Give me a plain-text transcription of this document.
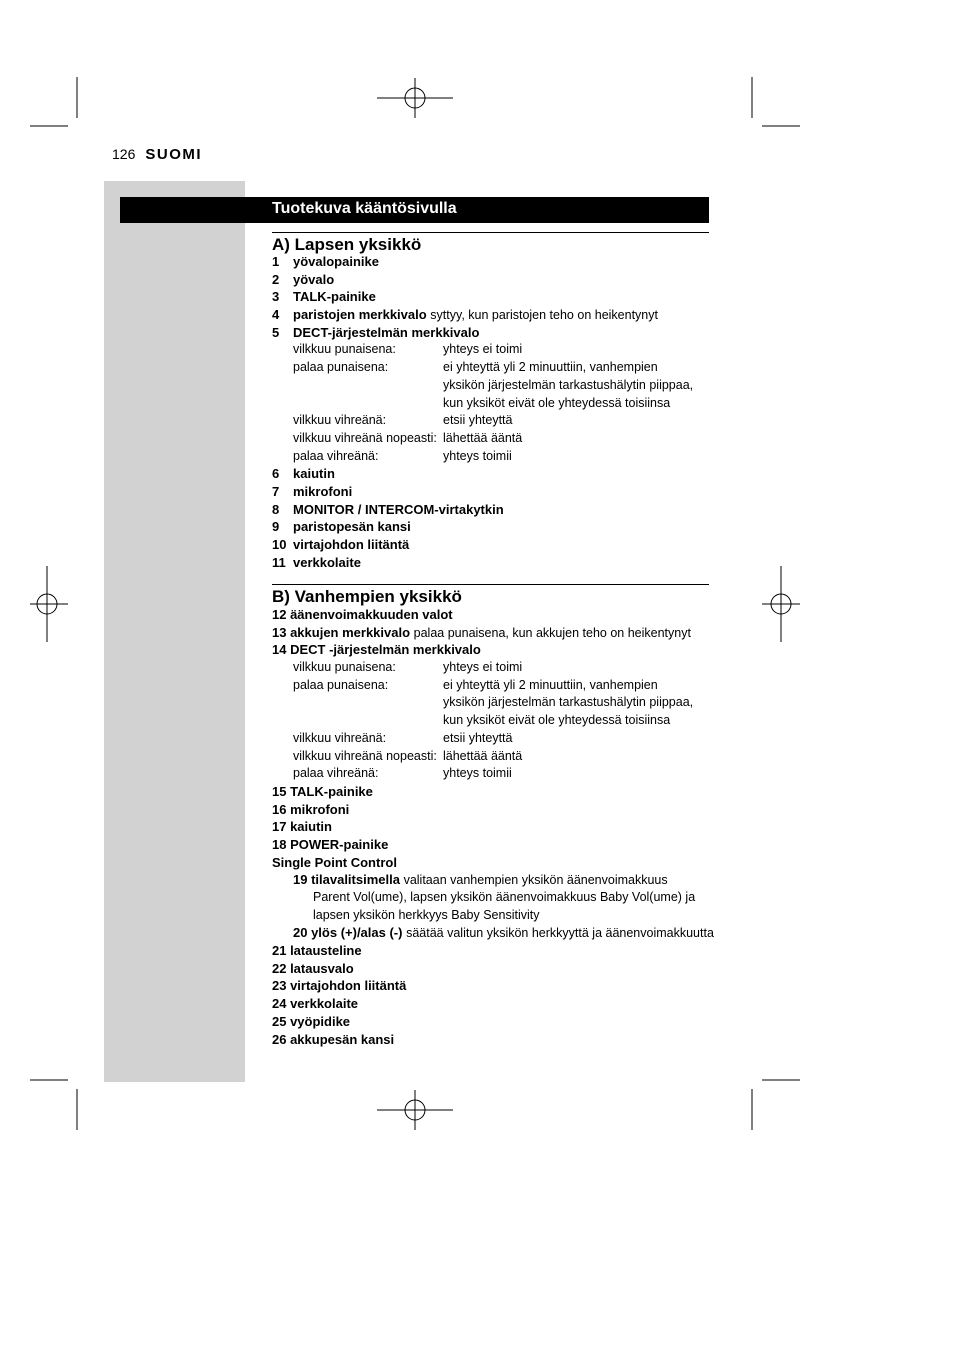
126 SUOMI
Tuotekuva kääntösivulla
A) Lapsen yksikkö
1 yövalopainike
2 yövalo
3 TALK-painike
4 paristojen merkkivalo syttyy, kun paristojen teho on heikentynyt
5 DECT-järjestelmän merkkivalo
vilkkuu punaisena:	yhteys ei toimi
palaa punaisena:	ei yhteyttä yli 2 minuuttiin, vanhempien
yksikön järjestelmän tarkastushälytin piippaa,
kun yksiköt eivät ole yhteydessä toisiinsa
vilkkuu vihreänä:	etsii yhteyttä
vilkkuu vihreänä nopeasti: lähettää ääntä
palaa vihreänä:	yhteys toimii
6 kaiutin
7 mikrofoni
8 MONITOR / INTERCOM-virtakytkin
9 paristopesän kansi
10 virtajohdon liitäntä
11 verkkolaite
B) Vanhempien yksikkö
12 äänenvoimakkuuden valot
13 akkujen merkkivalo palaa punaisena, kun akkujen teho on heikentynyt
14 DECT -järjestelmän merkkivalo
vilkkuu punaisena:	yhteys ei toimi
palaa punaisena:	ei yhteyttä yli 2 minuuttiin, vanhempien
yksikön järjestelmän tarkastushälytin piippaa,
kun yksiköt eivät ole yhteydessä toisiinsa
vilkkuu vihreänä:	etsii yhteyttä
vilkkuu vihreänä nopeasti: lähettää ääntä
palaa vihreänä:	yhteys toimii
15 TALK-painike
16 mikrofoni
17 kaiutin
18 POWER-painike
Single Point Control
19 tilavalitsimella valitaan vanhempien yksikön äänenvoimakkuus
Parent Vol(ume), lapsen yksikön äänenvoimakkuus Baby Vol(ume) ja
lapsen yksikön herkkyys Baby Sensitivity
20 ylös (+)/alas (-) säätää valitun yksikön herkkyyttä ja äänenvoimakkuutta
21 latausteline
22 latausvalo
23 virtajohdon liitäntä
24 verkkolaite
25 vyöpidike
26 akkupesän kansi
